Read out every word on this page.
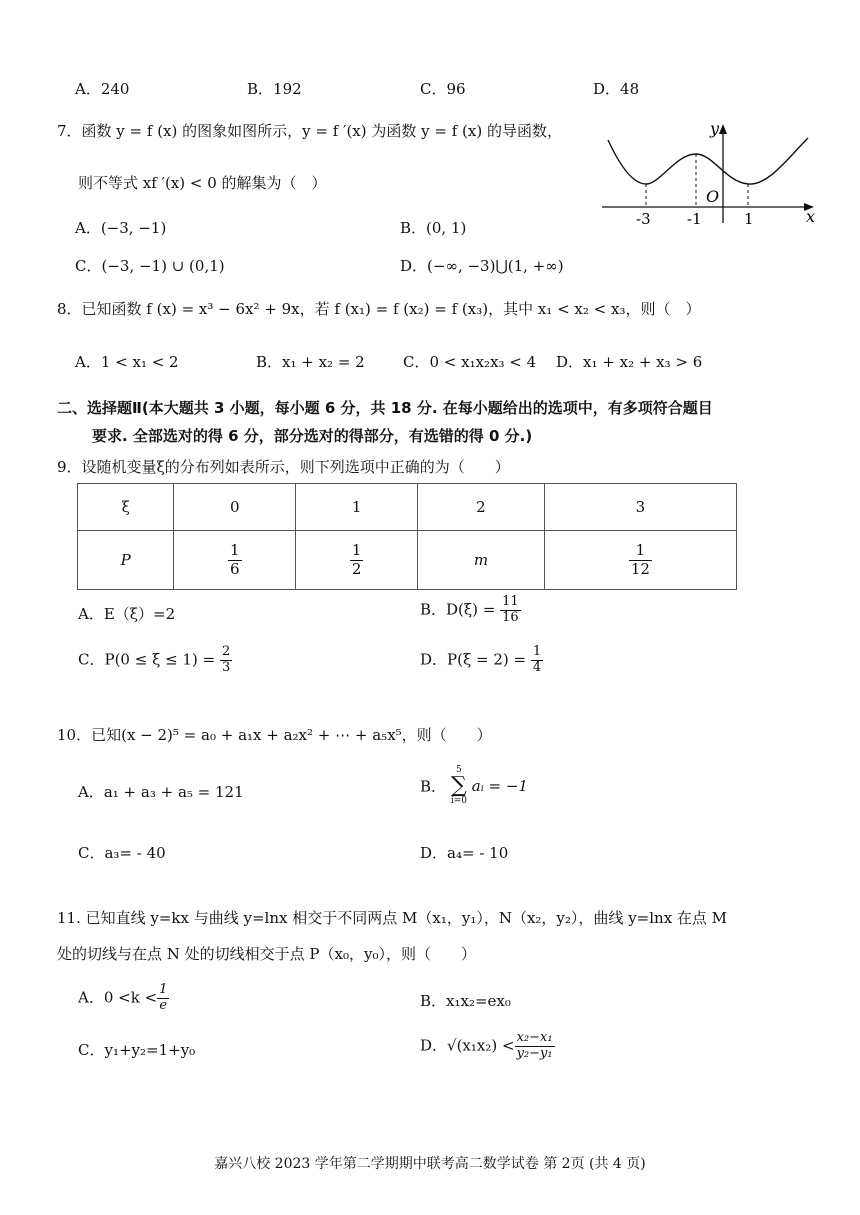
A．240	B．192	C．96	D．48
7．函数 y = f (x) 的图象如图所示，y = f ′(x) 为函数 y = f (x) 的导函数，
则不等式 xf ′(x) < 0 的解集为（　）
y
x
O
-3 -1	1
A．(−3, −1)	B．(0, 1)
C．(−3, −1) ∪ (0,1)	D．(−∞, −3)⋃(1, +∞)
8．已知函数 f (x) = x³ − 6x² + 9x，若 f (x₁) = f (x₂) = f (x₃)，其中 x₁ < x₂ < x₃，则（　）
A．1 < x₁ < 2	B．x₁ + x₂ = 2	C．0 < x₁x₂x₃ < 4 D．x₁ + x₂ + x₃ > 6
二、选择题Ⅱ(本大题共 3 小题，每小题 6 分，共 18 分. 在每小题给出的选项中，有多项符合题目
要求. 全部选对的得 6 分，部分选对的得部分，有选错的得 0 分.)
9．设随机变量ξ的分布列如表所示，则下列选项中正确的为（　　）
ξ	0	1	2	3
P	$\frac{1}{6}$	$\frac{1}{2}$	m	$\frac{1}{12}$
A．E（ξ）=2	B．$D(\xi) = \frac{11}{16}$
C．$P(0 \le \xi \le 1) = \frac{2}{3}$	D．$P(\xi = 2) = \frac{1}{4}$
10．已知(x − 2)⁵ = a₀ + a₁x + a₂x² + ⋯ + a₅x⁵，则（　　）
A．a₁ + a₃ + a₅ = 121	B．
5
∑
i=0
aᵢ = −1
C．a₃= ‐ 40	D．a₄= ‐ 10
11. 已知直线 y=kx 与曲线 y=lnx 相交于不同两点 M（x₁，y₁），N（x₂，y₂），曲线 y=lnx 在点 M
处的切线与在点 N 处的切线相交于点 P（x₀，y₀），则（　　）
A．$0 <k < \frac{1}{e}$	B．x₁x₂=ex₀
C．y₁+y₂=1+y₀	D．$√(x_1x_2) < \frac{\text{x₂−x₁}}{\text{y₂−y₁}}$
嘉兴八校 2023 学年第二学期期中联考高二数学试卷 第 2页 (共 4 页)
